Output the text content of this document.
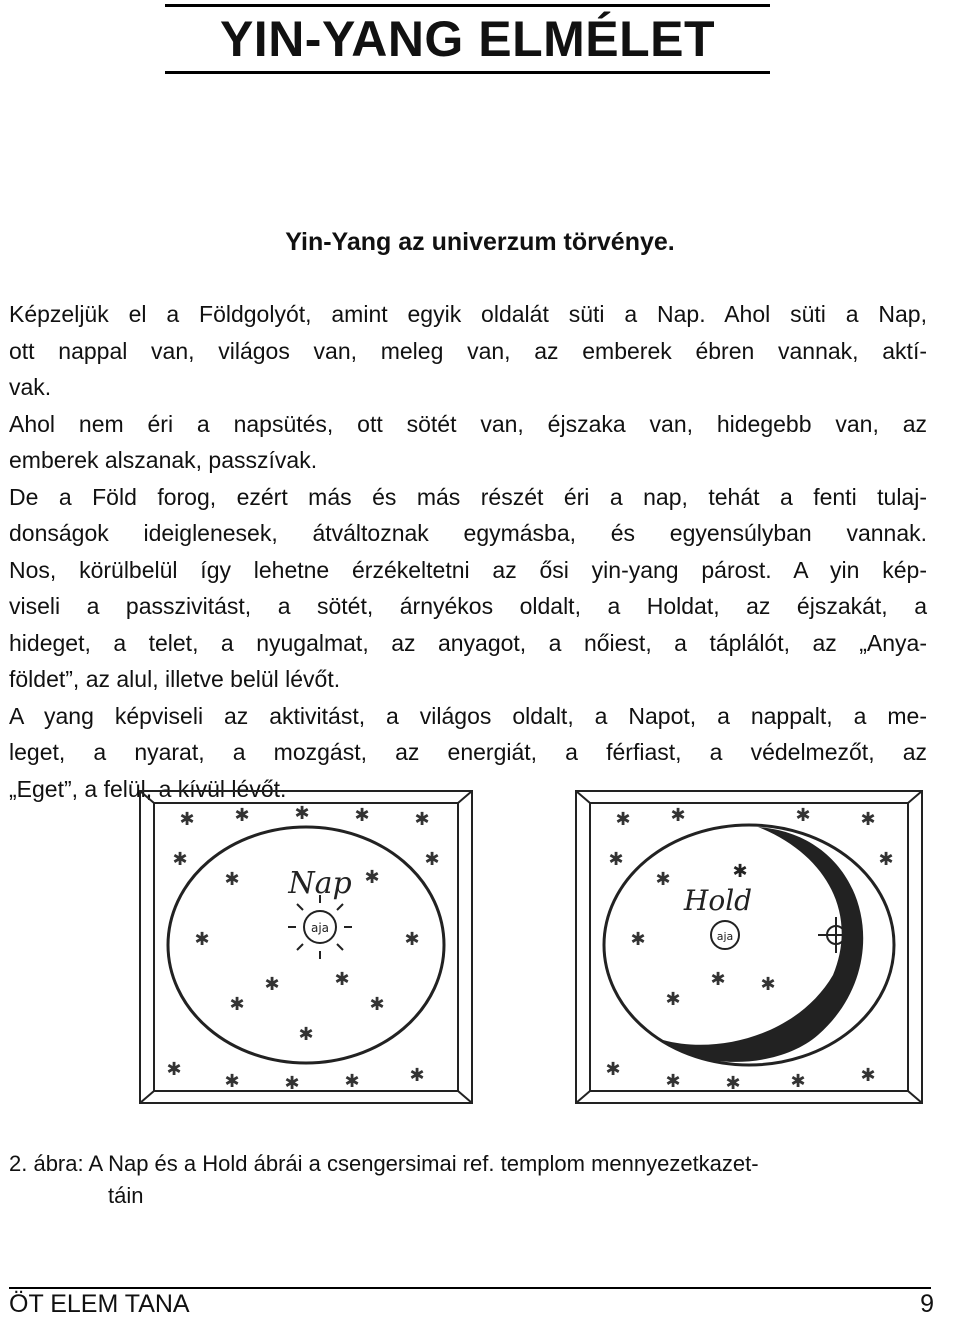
YIN-YANG ELMÉLET
Yin-Yang az univerzum törvénye.
Képzeljük el a Földgolyót, amint egyik oldalát süti a Nap. Ahol süti a Nap,
ott nappal van, világos van, meleg van, az emberek ébren vannak, aktí-
vak.
Ahol nem éri a napsütés, ott sötét van, éjszaka van, hidegebb van, az
emberek alszanak, passzívak.
De a Föld forog, ezért más és más részét éri a nap, tehát a fenti tulaj-
donságok ideiglenesek, átváltoznak egymásba, és egyensúlyban vannak.
Nos, körülbelül így lehetne érzékeltetni az ősi yin-yang párost. A yin kép-
viseli a passzivitást, a sötét, árnyékos oldalt, a Holdat, az éjszakát, a
hideget, a telet, a nyugalmat, az anyagot, a nőiest, a táplálót, az „Anya-
földet”, az alul, illetve belül lévőt.
A yang képviseli az aktivitást, a világos oldalt, a Napot, a nappalt, a me-
leget, a nyarat, a mozgást, az energiát, a férfiast, a védelmezőt, az
„Eget”, a felül, a kívül lévőt.
✱ ✱ ✱ ✱ ✱
✱	✱
✱
✱ ✱ ✱	✱
✱	✱
✱	✱
✱	✱
✱
✱	✱
Nap
aja
✱ ✱	✱	✱
✱	✱
✱
✱ ✱	✱	✱
✱
✱
✱
✱ ✱
✱
Hold
aja
2. ábra: A Nap és a Hold ábrái a csengersimai ref. templom mennyezetkazet-
táin
ÖT ELEM TANA	9
